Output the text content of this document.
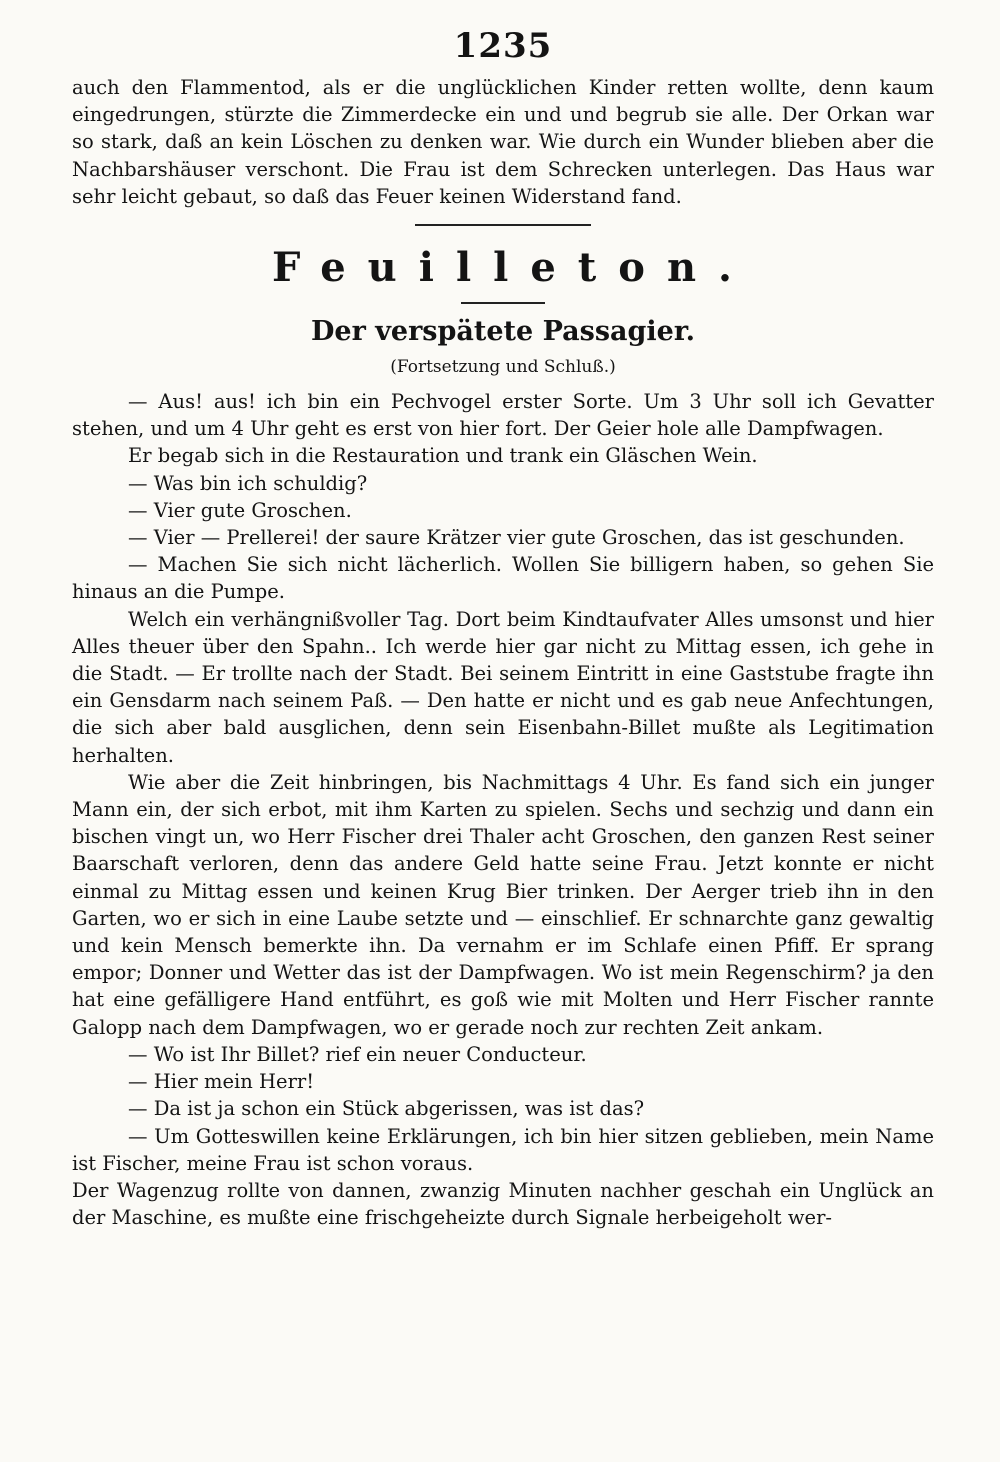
1235

auch den Flammentod, als er die unglücklichen Kinder retten wollte, denn kaum eingedrungen, stürzte die Zimmerdecke ein und und begrub sie alle. Der Orkan war so stark, daß an kein Löschen zu denken war. Wie durch ein Wunder blieben aber die Nachbarshäuser verschont. Die Frau ist dem Schrecken unterlegen. Das Haus war sehr leicht gebaut, so daß das Feuer keinen Widerstand fand.

Feuilleton.
Der verspätete Passagier.
(Fortsetzung und Schluß.)

— Aus! aus! ich bin ein Pechvogel erster Sorte. Um 3 Uhr soll ich Gevatter stehen, und um 4 Uhr geht es erst von hier fort. Der Geier hole alle Dampfwagen.

Er begab sich in die Restauration und trank ein Gläschen Wein.

— Was bin ich schuldig?

— Vier gute Groschen.

— Vier — Prellerei! der saure Krätzer vier gute Groschen, das ist geschunden.

— Machen Sie sich nicht lächerlich. Wollen Sie billigern haben, so gehen Sie hinaus an die Pumpe.

Welch ein verhängnißvoller Tag. Dort beim Kindtaufvater Alles umsonst und hier Alles theuer über den Spahn.. Ich werde hier gar nicht zu Mittag essen, ich gehe in die Stadt. — Er trollte nach der Stadt. Bei seinem Eintritt in eine Gaststube fragte ihn ein Gensdarm nach seinem Paß. — Den hatte er nicht und es gab neue Anfechtungen, die sich aber bald ausglichen, denn sein Eisenbahn-Billet mußte als Legitimation herhalten.

Wie aber die Zeit hinbringen, bis Nachmittags 4 Uhr. Es fand sich ein junger Mann ein, der sich erbot, mit ihm Karten zu spielen. Sechs und sechzig und dann ein bischen vingt un, wo Herr Fischer drei Thaler acht Groschen, den ganzen Rest seiner Baarschaft verloren, denn das andere Geld hatte seine Frau. Jetzt konnte er nicht einmal zu Mittag essen und keinen Krug Bier trinken. Der Aerger trieb ihn in den Garten, wo er sich in eine Laube setzte und — einschlief. Er schnarchte ganz gewaltig und kein Mensch bemerkte ihn. Da vernahm er im Schlafe einen Pfiff. Er sprang empor; Donner und Wetter das ist der Dampfwagen. Wo ist mein Regenschirm? ja den hat eine gefälligere Hand entführt, es goß wie mit Molten und Herr Fischer rannte Galopp nach dem Dampfwagen, wo er gerade noch zur rechten Zeit ankam.

— Wo ist Ihr Billet? rief ein neuer Conducteur.

— Hier mein Herr!

— Da ist ja schon ein Stück abgerissen, was ist das?

— Um Gotteswillen keine Erklärungen, ich bin hier sitzen geblieben, mein Name ist Fischer, meine Frau ist schon voraus.

Der Wagenzug rollte von dannen, zwanzig Minuten nachher geschah ein Unglück an der Maschine, es mußte eine frischgeheizte durch Signale herbeigeholt wer-
